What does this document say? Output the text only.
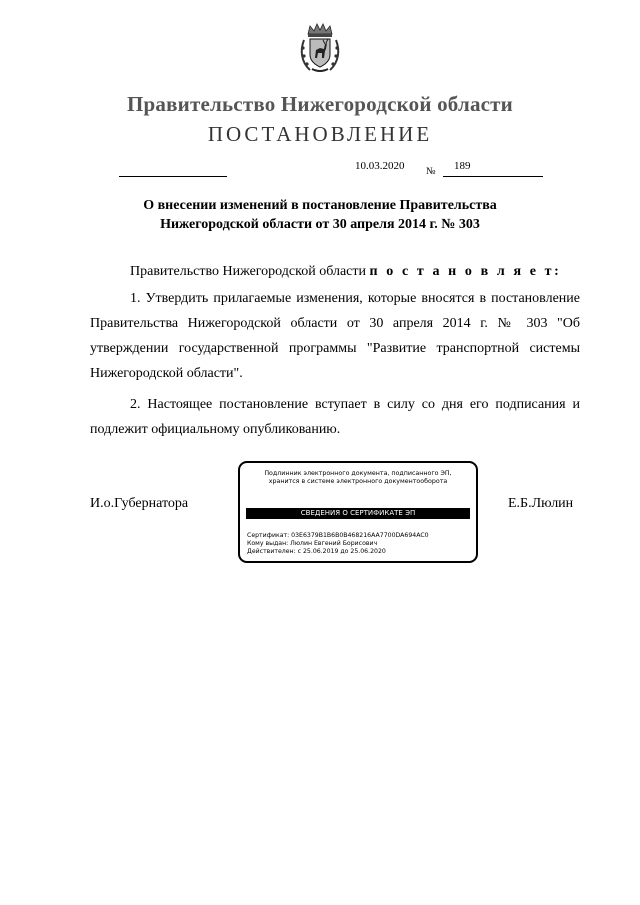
Правительство Нижегородской области
ПОСТАНОВЛЕНИЕ
10.03.2020	№ 189
О внесении изменений в постановление Правительства
Нижегородской области от 30 апреля 2014 г. № 303
Правительство Нижегородской области п о с т а н о в л я е т:
1. Утвердить прилагаемые изменения, которые вносятся в постановление Правительства Нижегородской области от 30 апреля 2014 г. № 303 "Об утверждении государственной программы "Развитие транспортной системы Нижегородской области".
2. Настоящее постановление вступает в силу со дня его подписания и подлежит официальному опубликованию.
И.о.Губернатора
Подлинник электронного документа, подписанного ЭП,
хранится в системе электронного документооборота
СВЕДЕНИЯ О СЕРТИФИКАТЕ ЭП
Сертификат: 03E6379B1B6B0B468216AA7700DA694AC0
Кому выдан: Люлин Евгений Борисович
Действителен: с 25.06.2019 до 25.06.2020
Е.Б.Люлин
